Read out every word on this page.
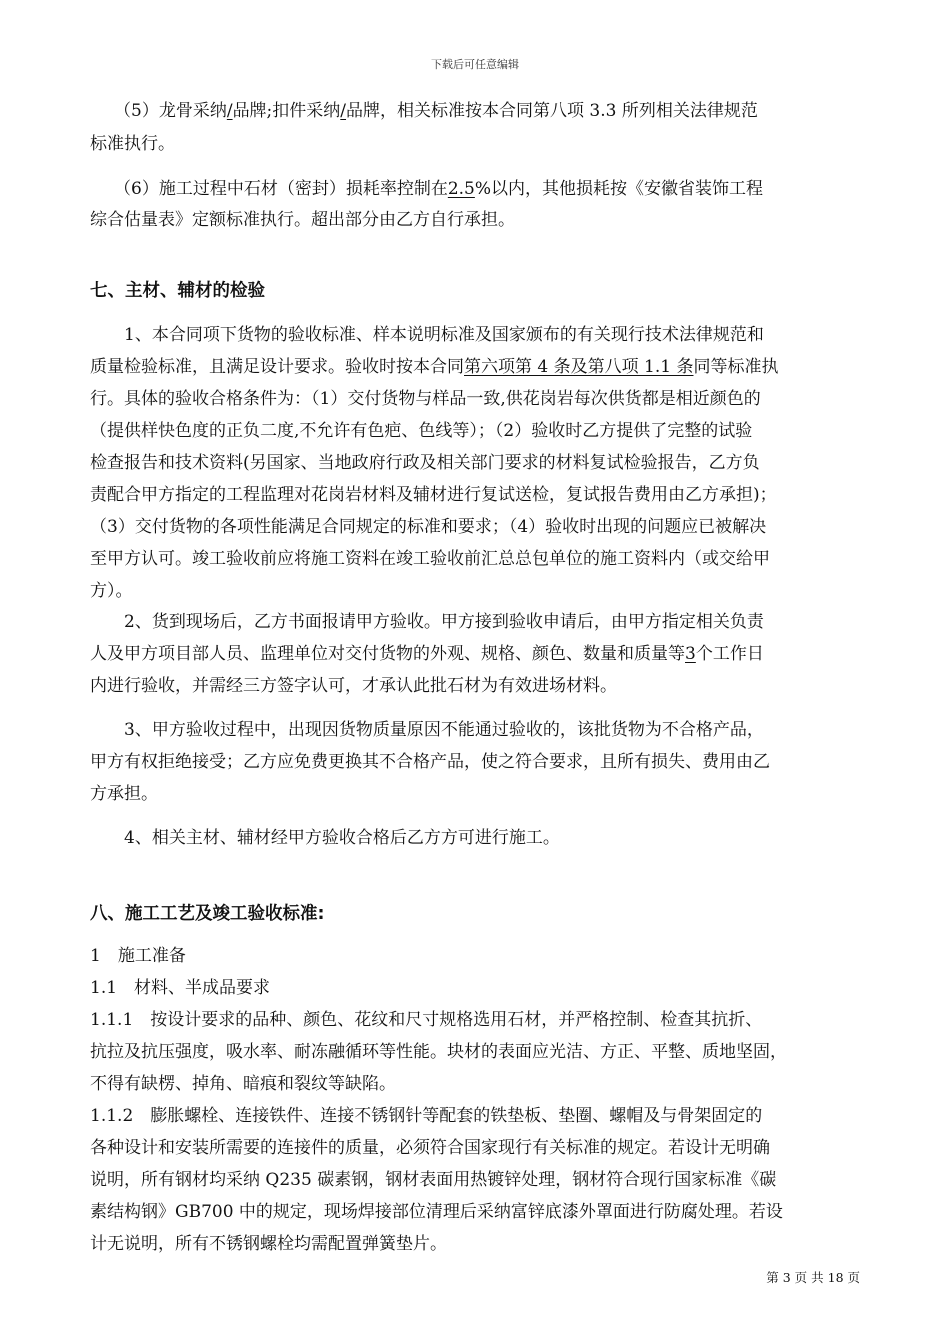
下载后可任意编辑
（5）龙骨采纳/品牌;扣件采纳/品牌，相关标准按本合同第八项 3.3 所列相关法律规范
标准执行。
（6）施工过程中石材（密封）损耗率控制在2.5%以内，其他损耗按《安徽省装饰工程
综合估量表》定额标准执行。超出部分由乙方自行承担。
七、主材、辅材的检验
1、本合同项下货物的验收标准、样本说明标准及国家颁布的有关现行技术法律规范和
质量检验标准，且满足设计要求。验收时按本合同第六项第 4 条及第八项 1.1 条同等标准执
行。具体的验收合格条件为：（1）交付货物与样品一致,供花岗岩每次供货都是相近颜色的
（提供样快色度的正负二度,不允许有色疤、色线等）；（2）验收时乙方提供了完整的试验
检查报告和技术资料(另国家、当地政府行政及相关部门要求的材料复试检验报告，乙方负
责配合甲方指定的工程监理对花岗岩材料及辅材进行复试送检，复试报告费用由乙方承担)；
（3）交付货物的各项性能满足合同规定的标准和要求；（4）验收时出现的问题应已被解决
至甲方认可。竣工验收前应将施工资料在竣工验收前汇总总包单位的施工资料内（或交给甲
方）。
2、货到现场后，乙方书面报请甲方验收。甲方接到验收申请后，由甲方指定相关负责
人及甲方项目部人员、监理单位对交付货物的外观、规格、颜色、数量和质量等3个工作日
内进行验收，并需经三方签字认可，才承认此批石材为有效进场材料。
3、甲方验收过程中，出现因货物质量原因不能通过验收的，该批货物为不合格产品，
甲方有权拒绝接受；乙方应免费更换其不合格产品，使之符合要求，且所有损失、费用由乙
方承担。
4、相关主材、辅材经甲方验收合格后乙方方可进行施工。
八、施工工艺及竣工验收标准:
1　施工准备
1.1　材料、半成品要求
1.1.1　按设计要求的品种、颜色、花纹和尺寸规格选用石材，并严格控制、检查其抗折、
抗拉及抗压强度，吸水率、耐冻融循环等性能。块材的表面应光洁、方正、平整、质地坚固，
不得有缺楞、掉角、暗痕和裂纹等缺陷。
1.1.2　膨胀螺栓、连接铁件、连接不锈钢针等配套的铁垫板、垫圈、螺帽及与骨架固定的
各种设计和安装所需要的连接件的质量，必须符合国家现行有关标准的规定。若设计无明确
说明，所有钢材均采纳 Q235 碳素钢，钢材表面用热镀锌处理，钢材符合现行国家标准《碳
素结构钢》GB700 中的规定，现场焊接部位清理后采纳富锌底漆外罩面进行防腐处理。若设
计无说明，所有不锈钢螺栓均需配置弹簧垫片。
第 3 页 共 18 页
